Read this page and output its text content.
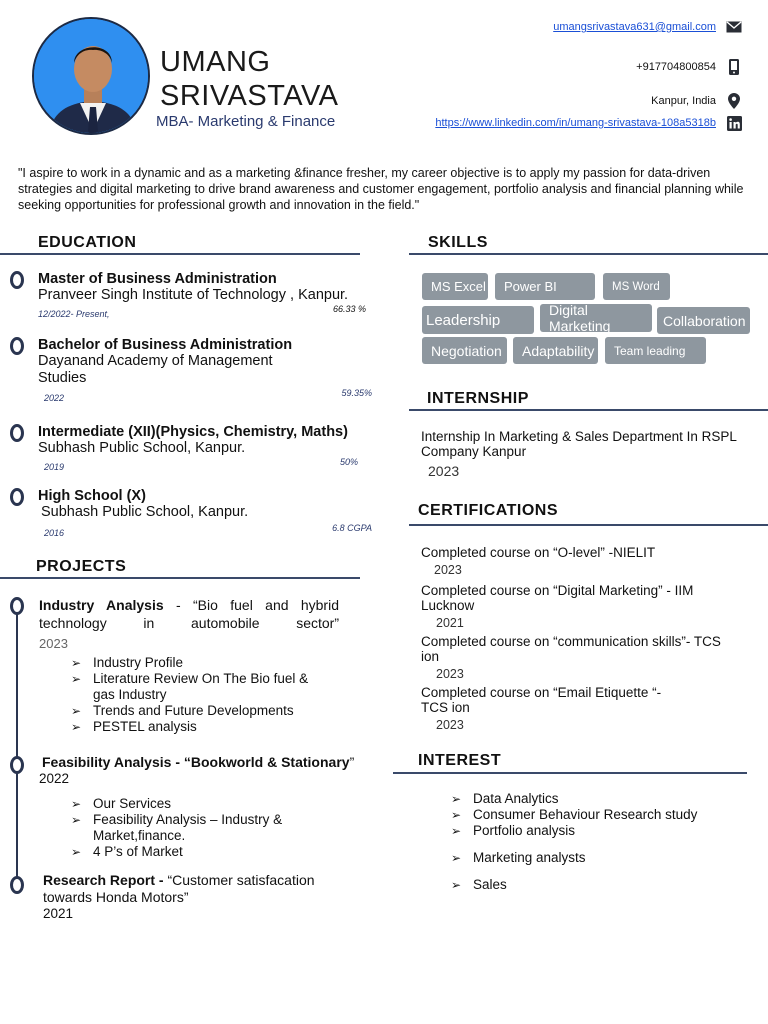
UMANG
SRIVASTAVA
MBA- Marketing & Finance
umangsrivastava631@gmail.com
+917704800854
Kanpur, India
https://www.linkedin.com/in/umang-srivastava-108a5318b
"I aspire to work in a dynamic and as a marketing &finance fresher, my career objective is to apply my passion for data-driven strategies and digital marketing to drive brand awareness and customer engagement, portfolio analysis and financial planning while seeking opportunities for professional growth and innovation in the field."
EDUCATION
Master of Business Administration
Pranveer Singh Institute of Technology , Kanpur.
12/2022- Present,	66.33 %
Bachelor of Business Administration
Dayanand Academy of Management Studies
2022	59.35%
Intermediate (XII)(Physics, Chemistry, Maths)
Subhash Public School, Kanpur.
2019	50%
High School (X)
Subhash Public School, Kanpur.
2016	6.8 CGPA
PROJECTS
Industry Analysis - “Bio fuel and hybrid technology in automobile sector”
2023
➢ Industry Profile
➢ Literature Review On The Bio fuel & gas Industry
➢ Trends and Future Developments
➢ PESTEL analysis
Feasibility Analysis - “Bookworld & Stationary”
2022
➢ Our Services
➢ Feasibility Analysis – Industry & Market,finance.
➢ 4 P’s of Market
Research Report - “Customer satisfacation towards Honda Motors”
2021
SKILLS
MS Excel	Power BI	MS Word
Leadership
Digital Marketing	Collaboration
Negotiation	Adaptability	Team leading
INTERNSHIP
Internship In Marketing & Sales Department In RSPL Company Kanpur
2023
CERTIFICATIONS
Completed course on “O-level” -NIELIT
2023
Completed course on “Digital Marketing” - IIM Lucknow
2021
Completed course on “communication skills”- TCS ion
2023
Completed course on “Email Etiquette “- TCS ion
2023
INTEREST
➢ Data Analytics
➢ Consumer Behaviour Research study
➢ Portfolio analysis
➢ Marketing analysts
➢ Sales
